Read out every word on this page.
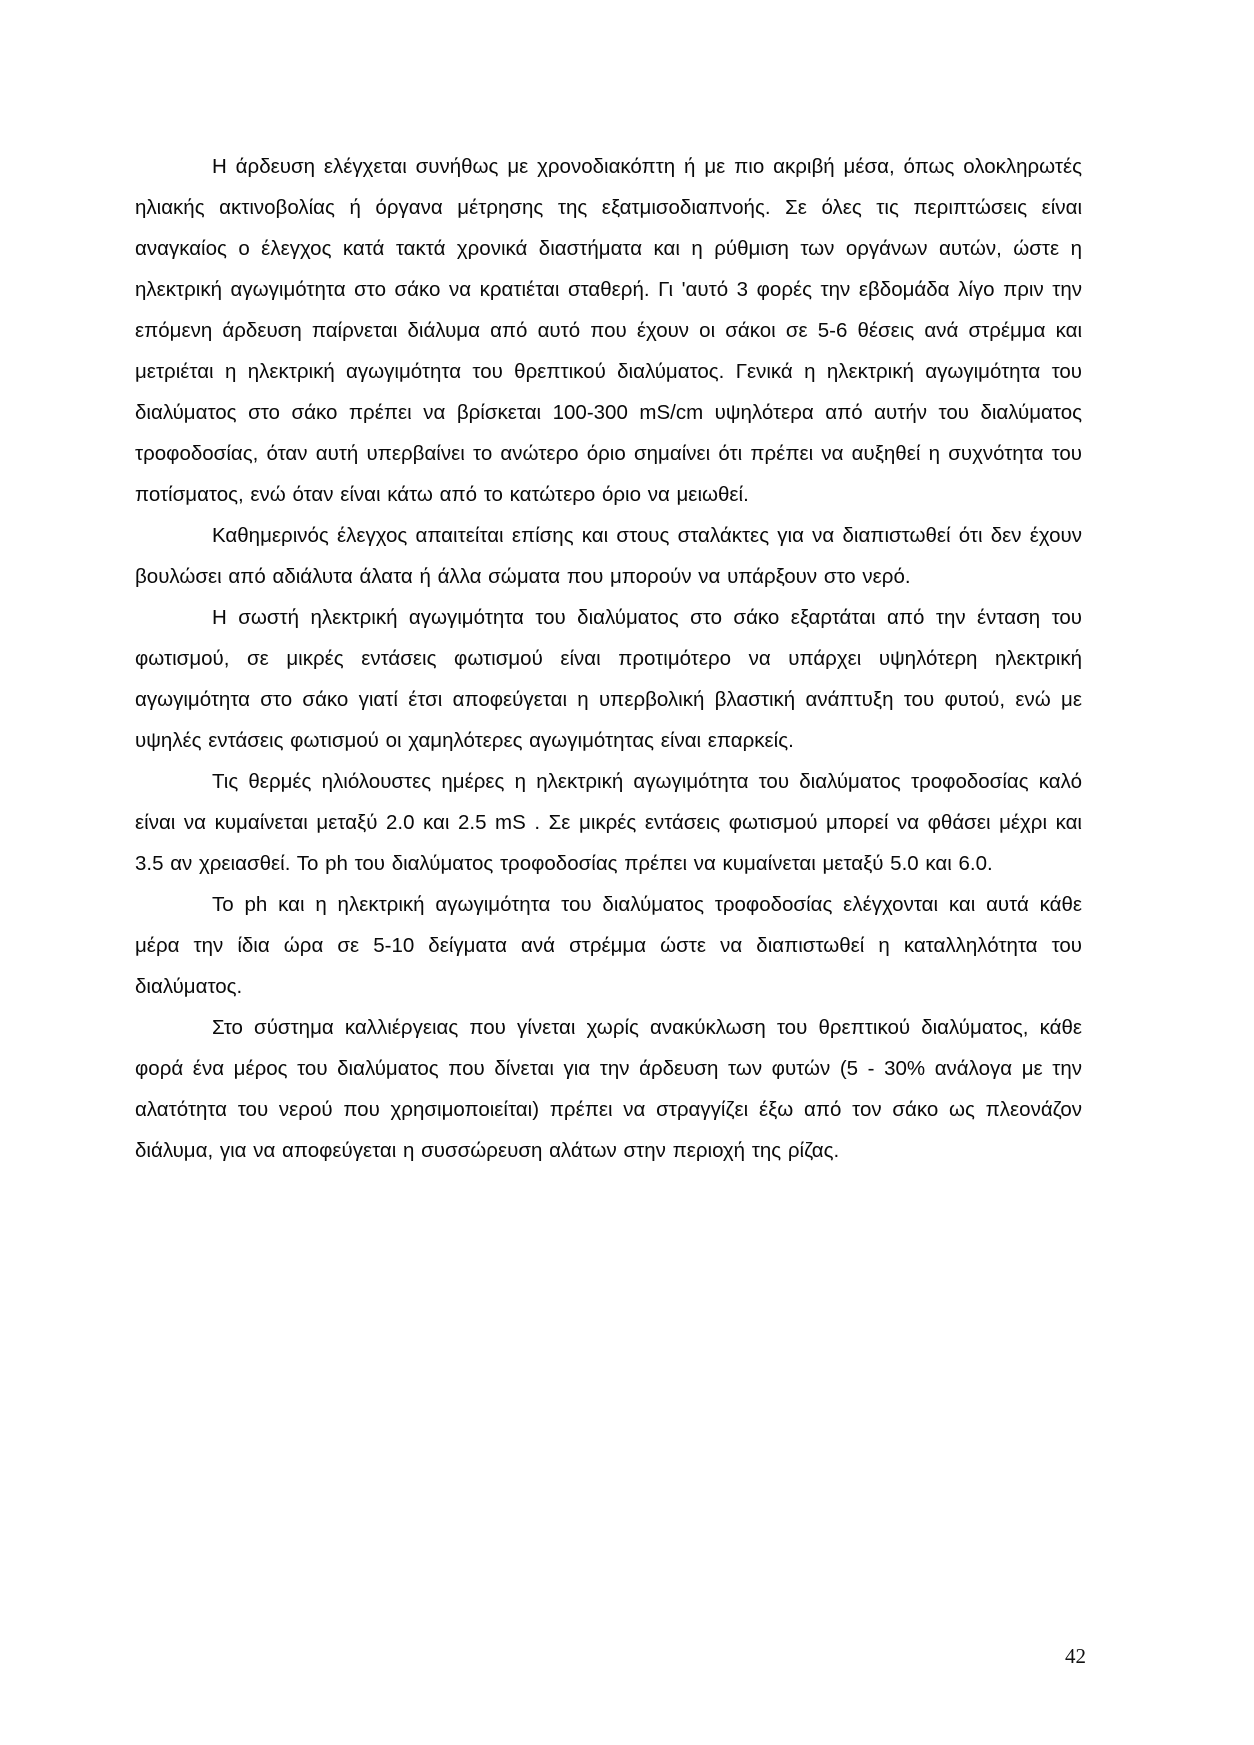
Η άρδευση ελέγχεται συνήθως με χρονοδιακόπτη ή με πιο ακριβή μέσα, όπως ολοκληρωτές ηλιακής ακτινοβολίας ή όργανα μέτρησης της εξατμισοδιαπνοής. Σε όλες τις περιπτώσεις είναι αναγκαίος ο έλεγχος κατά τακτά χρονικά διαστήματα και η ρύθμιση των οργάνων αυτών, ώστε η ηλεκτρική αγωγιμότητα στο σάκο να κρατιέται σταθερή. Γι 'αυτό 3 φορές την εβδομάδα λίγο πριν την επόμενη άρδευση παίρνεται διάλυμα από αυτό που έχουν οι σάκοι σε 5-6 θέσεις ανά στρέμμα και μετριέται η ηλεκτρική αγωγιμότητα του θρεπτικού διαλύματος. Γενικά η ηλεκτρική αγωγιμότητα του διαλύματος στο σάκο πρέπει να βρίσκεται 100-300 mS/cm υψηλότερα από αυτήν του διαλύματος τροφοδοσίας, όταν αυτή υπερβαίνει το ανώτερο όριο σημαίνει ότι πρέπει να αυξηθεί η συχνότητα του ποτίσματος, ενώ όταν είναι κάτω από το κατώτερο όριο να μειωθεί.

Καθημερινός έλεγχος απαιτείται επίσης και στους σταλάκτες για να διαπιστωθεί ότι δεν έχουν βουλώσει από αδιάλυτα άλατα ή άλλα σώματα που μπορούν να υπάρξουν στο νερό.

Η σωστή ηλεκτρική αγωγιμότητα του διαλύματος στο σάκο εξαρτάται από την ένταση του φωτισμού, σε μικρές εντάσεις φωτισμού είναι προτιμότερο να υπάρχει υψηλότερη ηλεκτρική αγωγιμότητα στο σάκο γιατί έτσι αποφεύγεται η υπερβολική βλαστική ανάπτυξη του φυτού, ενώ με υψηλές εντάσεις φωτισμού οι χαμηλότερες αγωγιμότητας είναι επαρκείς.

Τις θερμές ηλιόλουστες ημέρες η ηλεκτρική αγωγιμότητα του διαλύματος τροφοδοσίας καλό είναι να κυμαίνεται μεταξύ 2.0 και 2.5 mS . Σε μικρές εντάσεις φωτισμού μπορεί να φθάσει μέχρι και 3.5 αν χρειασθεί. Το ph του διαλύματος τροφοδοσίας πρέπει να κυμαίνεται μεταξύ 5.0 και 6.0.

Το ph και η ηλεκτρική αγωγιμότητα του διαλύματος τροφοδοσίας ελέγχονται και αυτά κάθε μέρα την ίδια ώρα σε 5-10 δείγματα ανά στρέμμα ώστε να διαπιστωθεί η καταλληλότητα του διαλύματος.

Στο σύστημα καλλιέργειας που γίνεται χωρίς ανακύκλωση του θρεπτικού διαλύματος, κάθε φορά ένα μέρος του διαλύματος που δίνεται για την άρδευση των φυτών (5 - 30% ανάλογα με την αλατότητα του νερού που χρησιμοποιείται) πρέπει να στραγγίζει έξω από τον σάκο ως πλεονάζον διάλυμα, για να αποφεύγεται η συσσώρευση αλάτων στην περιοχή της ρίζας.

42
